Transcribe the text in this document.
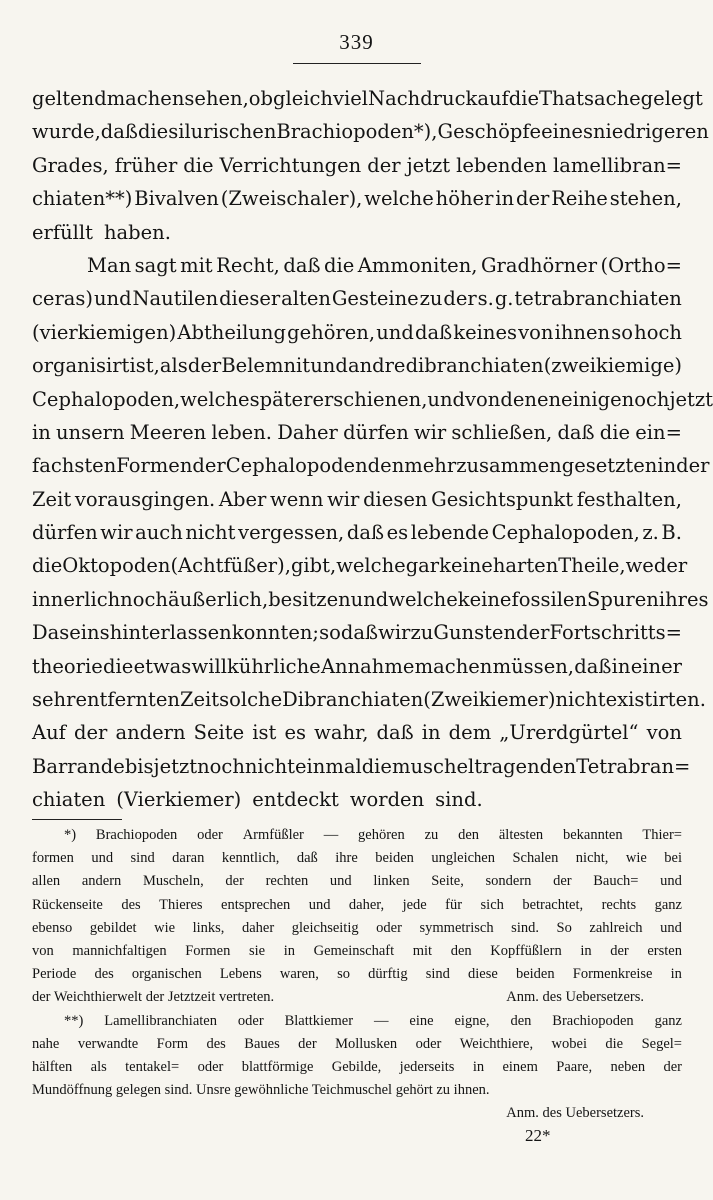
339
geltend machen sehen, obgleich viel Nachdruck auf die Thatsache gelegt
wurde, daß die silurischen Brachiopoden*), Geschöpfe eines niedrigeren
Grades, früher die Verrichtungen der jetzt lebenden lamellibran=
chiaten**) Bivalven (Zweischaler), welche höher in der Reihe stehen,
erfüllt haben.
Man sagt mit Recht, daß die Ammoniten, Gradhörner (Ortho=
ceras) und Nautilen dieser alten Gesteine zu der s. g. tetrabranchiaten
(vierkiemigen) Abtheilung gehören, und daß keines von ihnen so hoch
organisirt ist, als der Belemnit und andre dibranchiaten (zweikiemige)
Cephalopoden, welche später erschienen, und von denen einige noch jetzt
in unsern Meeren leben. Daher dürfen wir schließen, daß die ein=
fachsten Formen der Cephalopoden den mehr zusammengesetzten in der
Zeit vorausgingen. Aber wenn wir diesen Gesichtspunkt festhalten,
dürfen wir auch nicht vergessen, daß es lebende Cephalopoden, z. B.
die Oktopoden (Achtfüßer), gibt, welche gar keine harten Theile, weder
innerlich noch äußerlich, besitzen und welche keine fossilen Spuren ihres
Daseins hinterlassen konnten; so daß wir zu Gunsten der Fortschritts=
theorie die etwas willkührliche Annahme machen müssen, daß in einer
sehr entfernten Zeit solche Dibranchiaten (Zweikiemer) nicht existirten.
Auf der andern Seite ist es wahr, daß in dem „Urerdgürtel“ von
Barrande bis jetzt noch nicht einmal die muscheltragenden Tetrabran=
chiaten (Vierkiemer) entdeckt worden sind.
*) Brachiopoden oder Armfüßler — gehören zu den ältesten bekannten Thier=
formen und sind daran kenntlich, daß ihre beiden ungleichen Schalen nicht, wie bei
allen andern Muscheln, der rechten und linken Seite, sondern der Bauch= und
Rückenseite des Thieres entsprechen und daher, jede für sich betrachtet, rechts ganz
ebenso gebildet wie links, daher gleichseitig oder symmetrisch sind. So zahlreich und
von mannichfaltigen Formen sie in Gemeinschaft mit den Kopffüßlern in der ersten
Periode des organischen Lebens waren, so dürftig sind diese beiden Formenkreise in
der Weichthierwelt der Jetztzeit vertreten.	Anm. des Uebersetzers.
**) Lamellibranchiaten oder Blattkiemer — eine eigne, den Brachiopoden ganz
nahe verwandte Form des Baues der Mollusken oder Weichthiere, wobei die Segel=
hälften als tentakel= oder blattförmige Gebilde, jederseits in einem Paare, neben der
Mundöffnung gelegen sind. Unsre gewöhnliche Teichmuschel gehört zu ihnen.
Anm. des Uebersetzers.
22*
